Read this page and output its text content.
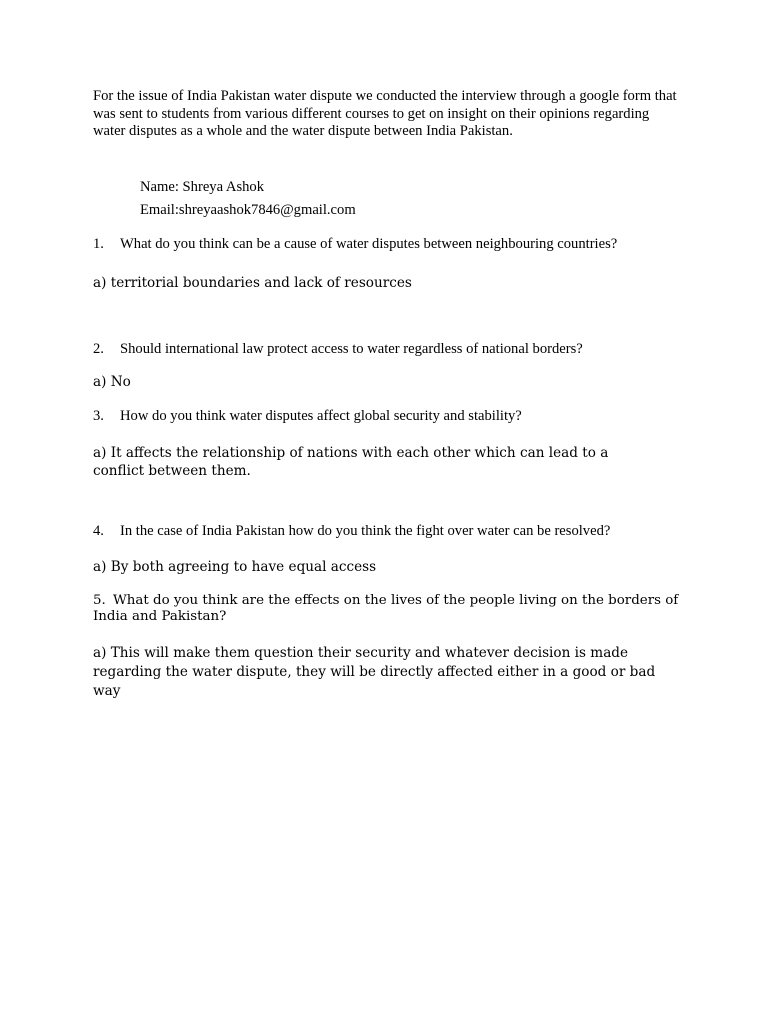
For the issue of India Pakistan water dispute we conducted the interview through a google form that was sent to students from various different courses to get on insight on their opinions regarding water disputes as a whole and the water dispute between India Pakistan.

Name: Shreya Ashok

Email:shreyaashok7846@gmail.com

1. What do you think can be a cause of water disputes between neighbouring countries?

a) territorial boundaries and lack of resources

2. Should international law protect access to water regardless of national borders?

a) No

3. How do you think water disputes affect global security and stability?

a) It affects the relationship of nations with each other which can lead to a conflict between them.

4. In the case of India Pakistan how do you think the fight over water can be resolved?

a) By both agreeing to have equal access

5. What do you think are the effects on the lives of the people living on the borders of India and Pakistan?

a) This will make them question their security and whatever decision is made regarding the water dispute, they will be directly affected either in a good or bad way
